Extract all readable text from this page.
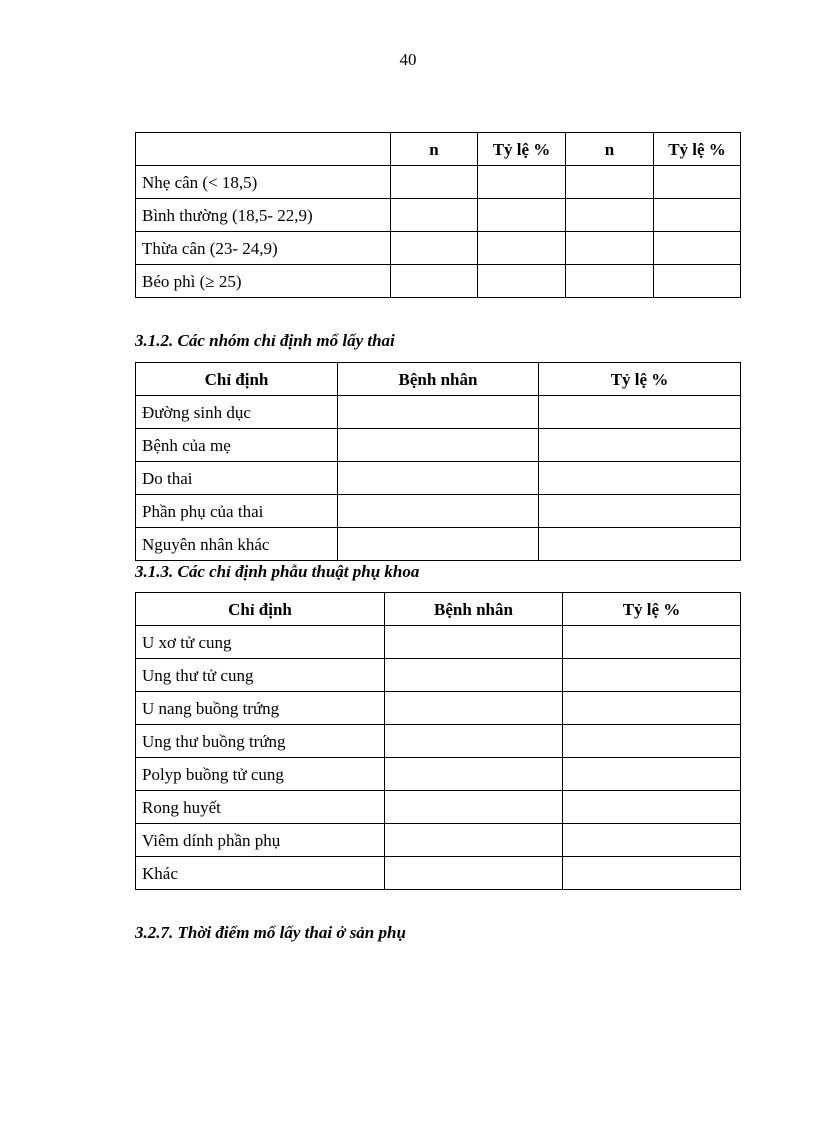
40
	n	Tỷ lệ %	n	Tỷ lệ %
Nhẹ cân (< 18,5)				
Bình thường (18,5- 22,9)				
Thừa cân (23- 24,9)				
Béo phì (≥ 25)				
3.1.2. Các nhóm chỉ định mổ lấy thai
Chỉ định	Bệnh nhân	Tỷ lệ %
Đường sinh dục		
Bệnh của mẹ		
Do thai		
Phần phụ của thai		
Nguyên nhân khác		
3.1.3. Các chỉ định phẫu thuật phụ khoa
Chỉ định	Bệnh nhân	Tỷ lệ %
U xơ tử cung		
Ung thư tử cung		
U nang buồng trứng		
Ung thư buồng trứng		
Polyp buồng tử cung		
Rong huyết		
Viêm dính phần phụ		
Khác		
3.2.7. Thời điểm mổ lấy thai ở sản phụ
